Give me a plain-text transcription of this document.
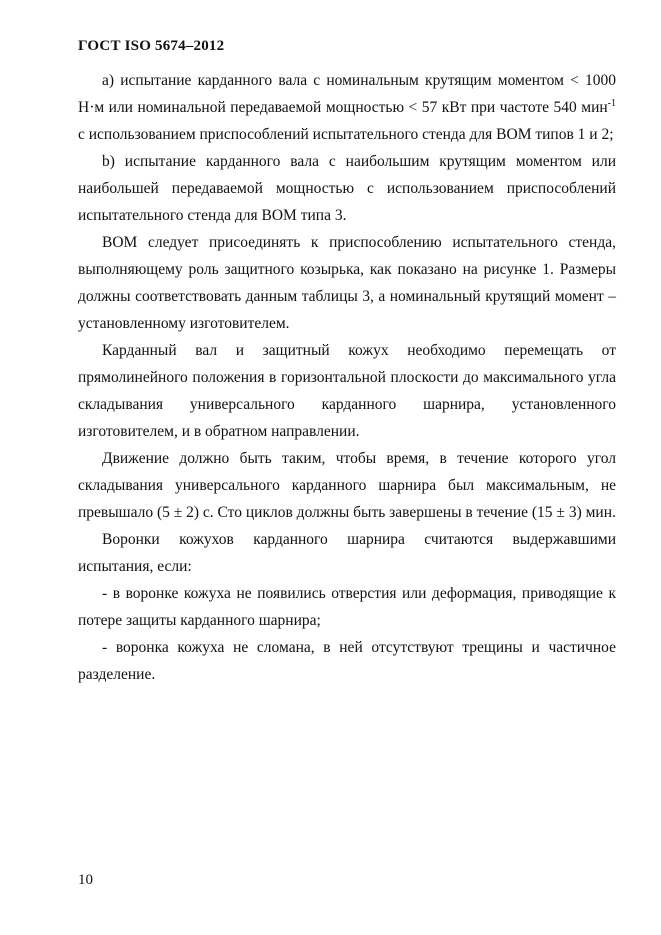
ГОСТ ISO 5674–2012

а) испытание карданного вала с номинальным крутящим моментом < 1000 Н·м или номинальной передаваемой мощностью < 57 кВт при частоте 540 мин$^{-1}$ с использованием приспособлений испытательного стенда для ВОМ типов 1 и 2;

b) испытание карданного вала с наибольшим крутящим моментом или наибольшей передаваемой мощностью с использованием приспособлений испытательного стенда для ВОМ типа 3.

ВОМ следует присоединять к приспособлению испытательного стенда, выполняющему роль защитного козырька, как показано на рисунке 1. Размеры должны соответствовать данным таблицы 3, а номинальный крутящий момент – установленному изготовителем.

Карданный вал и защитный кожух необходимо перемещать от прямолинейного положения в горизонтальной плоскости до максимального угла складывания универсального карданного шарнира, установленного изготовителем, и в обратном направлении.

Движение должно быть таким, чтобы время, в течение которого угол складывания универсального карданного шарнира был максимальным, не превышало (5 ± 2) с. Сто циклов должны быть завершены в течение (15 ± 3) мин.

Воронки кожухов карданного шарнира считаются выдержавшими испытания, если:

- в воронке кожуха не появились отверстия или деформация, приводящие к потере защиты карданного шарнира;

- воронка кожуха не сломана, в ней отсутствуют трещины и частичное разделение.

10
